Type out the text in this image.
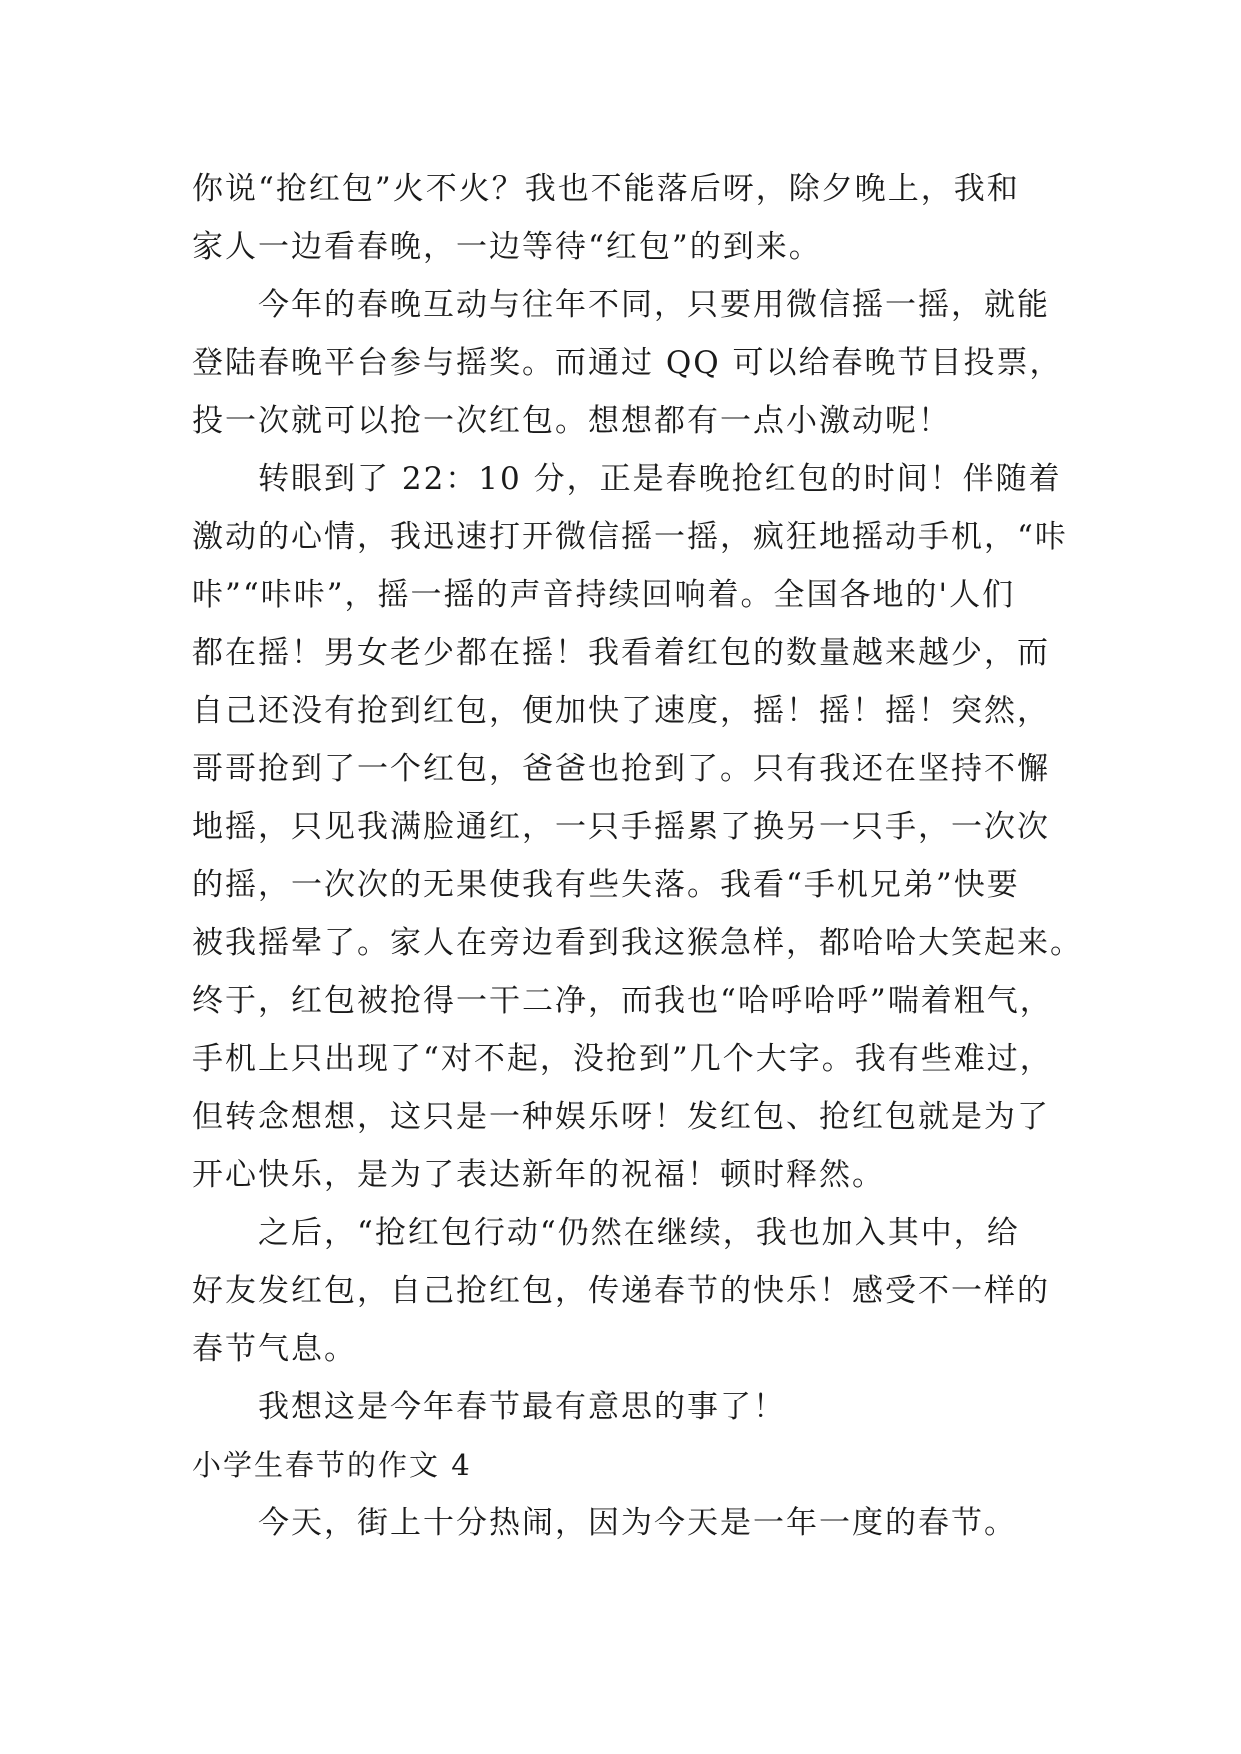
你说“抢红包”火不火？我也不能落后呀，除夕晚上，我和
家人一边看春晚，一边等待“红包”的到来。
今年的春晚互动与往年不同，只要用微信摇一摇，就能
登陆春晚平台参与摇奖。而通过 QQ 可以给春晚节目投票，
投一次就可以抢一次红包。想想都有一点小激动呢！
转眼到了 22：10 分，正是春晚抢红包的时间！伴随着
激动的心情，我迅速打开微信摇一摇，疯狂地摇动手机，“咔
咔”“咔咔”，摇一摇的声音持续回响着。全国各地的'人们
都在摇！男女老少都在摇！我看着红包的数量越来越少，而
自己还没有抢到红包，便加快了速度，摇！摇！摇！突然，
哥哥抢到了一个红包，爸爸也抢到了。只有我还在坚持不懈
地摇，只见我满脸通红，一只手摇累了换另一只手，一次次
的摇，一次次的无果使我有些失落。我看“手机兄弟”快要
被我摇晕了。家人在旁边看到我这猴急样，都哈哈大笑起来。
终于，红包被抢得一干二净，而我也“哈呼哈呼”喘着粗气，
手机上只出现了“对不起，没抢到”几个大字。我有些难过，
但转念想想，这只是一种娱乐呀！发红包、抢红包就是为了
开心快乐，是为了表达新年的祝福！顿时释然。
之后，“抢红包行动“仍然在继续，我也加入其中，给
好友发红包，自己抢红包，传递春节的快乐！感受不一样的
春节气息。
我想这是今年春节最有意思的事了！
小学生春节的作文 4
今天，街上十分热闹，因为今天是一年一度的春节。
